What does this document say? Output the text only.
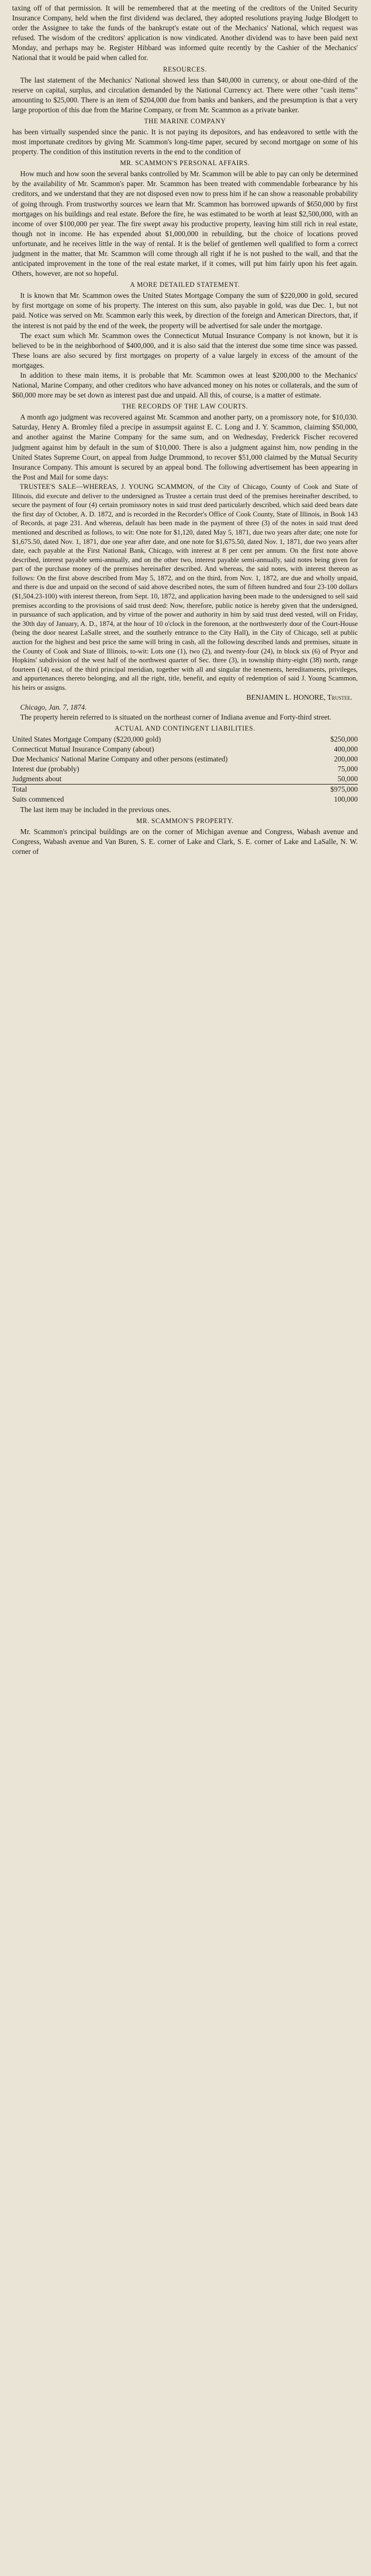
taxing off of that permission. It will be remembered that at the meeting of the creditors of the United Security Insurance Company, held when the first dividend was declared, they adopted resolutions praying Judge Blodgett to order the Assignee to take the funds of the bankrupt's estate out of the Mechanics' National, which request was refused. The wisdom of the creditors' application is now vindicated. Another dividend was to have been paid next Monday, and perhaps may be. Register Hibbard was informed quite recently by the Cashier of the Mechanics' National that it would be paid when called for.

RESOURCES.

The last statement of the Mechanics' National showed less than $40,000 in currency, or about one-third of the reserve on capital, surplus, and circulation demanded by the National Currency act. There were other "cash items" amounting to $25,000. There is an item of $204,000 due from banks and bankers, and the presumption is that a very large proportion of this due from the Marine Company, or from Mr. Scammon as a private banker.

THE MARINE COMPANY

has been virtually suspended since the panic. It is not paying its depositors, and has endeavored to settle with the most importunate creditors by giving Mr. Scammon's long-time paper, secured by second mortgage on some of his property. The condition of this institution reverts in the end to the condition of

MR. SCAMMON'S PERSONAL AFFAIRS.

How much and how soon the several banks controlled by Mr. Scammon will be able to pay can only be determined by the availability of Mr. Scammon's paper. Mr. Scammon has been treated with commendable forbearance by his creditors, and we understand that they are not disposed even now to press him if he can show a reasonable probability of going through. From trustworthy sources we learn that Mr. Scammon has borrowed upwards of $650,000 by first mortgages on his buildings and real estate. Before the fire, he was estimated to be worth at least $2,500,000, with an income of over $100,000 per year. The fire swept away his productive property, leaving him still rich in real estate, though not in income. He has expended about $1,000,000 in rebuilding, but the choice of locations proved unfortunate, and he receives little in the way of rental. It is the belief of gentlemen well qualified to form a correct judgment in the matter, that Mr. Scammon will come through all right if he is not pushed to the wall, and that the anticipated improvement in the tone of the real estate market, if it comes, will put him fairly upon his feet again. Others, however, are not so hopeful.

A MORE DETAILED STATEMENT.

It is known that Mr. Scammon owes the United States Mortgage Company the sum of $220,000 in gold, secured by first mortgage on some of his property. The interest on this sum, also payable in gold, was due Dec. 1, but not paid. Notice was served on Mr. Scammon early this week, by direction of the foreign and American Directors, that, if the interest is not paid by the end of the week, the property will be advertised for sale under the mortgage.

The exact sum which Mr. Scammon owes the Connecticut Mutual Insurance Company is not known, but it is believed to be in the neighborhood of $400,000, and it is also said that the interest due some time since was passed. These loans are also secured by first mortgages on property of a value largely in excess of the amount of the mortgages.

In addition to these main items, it is probable that Mr. Scammon owes at least $200,000 to the Mechanics' National, Marine Company, and other creditors who have advanced money on his notes or collaterals, and the sum of $60,000 more may be set down as interest past due and unpaid. All this, of course, is a matter of estimate.

THE RECORDS OF THE LAW COURTS.

A month ago judgment was recovered against Mr. Scammon and another party, on a promissory note, for $10,030. Saturday, Henry A. Bromley filed a precipe in assumpsit against E. C. Long and J. Y. Scammon, claiming $50,000, and another against the Marine Company for the same sum, and on Wednesday, Frederick Fischer recovered judgment against him by default in the sum of $10,000. There is also a judgment against him, now pending in the United States Supreme Court, on appeal from Judge Drummond, to recover $51,000 claimed by the Mutual Security Insurance Company. This amount is secured by an appeal bond. The following advertisement has been appearing in the Post and Mail for some days:

TRUSTEE'S SALE—WHEREAS, J. YOUNG SCAMMON, of the City of Chicago, County of Cook and State of Illinois, did execute and deliver to the undersigned as Trustee a certain trust deed of the premises hereinafter described, to secure the payment of four (4) certain promissory notes in said trust deed particularly described, which said deed bears date the first day of October, A. D. 1872, and is recorded in the Recorder's Office of Cook County, State of Illinois, in Book 143 of Records, at page 231. And whereas, default has been made in the payment of three (3) of the notes in said trust deed mentioned and described as follows, to wit: One note for $1,120, dated May 5, 1871, due two years after date; one note for $1,675.50, dated Nov. 1, 1871, due one year after date, and one note for $1,675.50, dated Nov. 1, 1871, due two years after date, each payable at the First National Bank, Chicago, with interest at 8 per cent per annum. On the first note above described, interest payable semi-annually, and on the other two, interest payable semi-annually, said notes being given for part of the purchase money of the premises hereinafter described. And whereas, the said notes, with interest thereon as follows: On the first above described from May 5, 1872, and on the third, from Nov. 1, 1872, are due and wholly unpaid, and there is due and unpaid on the second of said above described notes, the sum of fifteen hundred and four 23-100 dollars ($1,504.23-100) with interest thereon, from Sept. 10, 1872, and application having been made to the undersigned to sell said premises according to the provisions of said trust deed: Now, therefore, public notice is hereby given that the undersigned, in pursuance of such application, and by virtue of the power and authority in him by said trust deed vested, will on Friday, the 30th day of January, A. D., 1874, at the hour of 10 o'clock in the forenoon, at the northwesterly door of the Court-House (being the door nearest LaSalle street, and the southerly entrance to the City Hall), in the City of Chicago, sell at public auction for the highest and best price the same will bring in cash, all the following described lands and premises, situate in the County of Cook and State of Illinois, to-wit: Lots one (1), two (2), and twenty-four (24), in block six (6) of Pryor and Hopkins' subdivision of the west half of the northwest quarter of Sec. three (3), in township thirty-eight (38) north, range fourteen (14) east, of the third principal meridian, together with all and singular the tenements, hereditaments, privileges, and appurtenances thereto belonging, and all the right, title, benefit, and equity of redemption of said J. Young Scammon, his heirs or assigns.

BENJAMIN L. HONORE, Trustee.

Chicago, Jan. 7, 1874.

The property herein referred to is situated on the northeast corner of Indiana avenue and Forty-third street.

ACTUAL AND CONTINGENT LIABILITIES.
United States Mortgage Company ($220,000 gold)	$250,000
Connecticut Mutual Insurance Company (about)	400,000
Due Mechanics' National Marine Company and other persons (estimated)	200,000
Interest due (probably)	75,000
Judgments about	50,000
Total	$975,000
Suits commenced	100,000

The last item may be included in the previous ones.

MR. SCAMMON'S PROPERTY.

Mr. Scammon's principal buildings are on the corner of Michigan avenue and Congress, Wabash avenue and Congress, Wabash avenue and Van Buren, S. E. corner of Lake and Clark, S. E. corner of Lake and LaSalle, N. W. corner of
